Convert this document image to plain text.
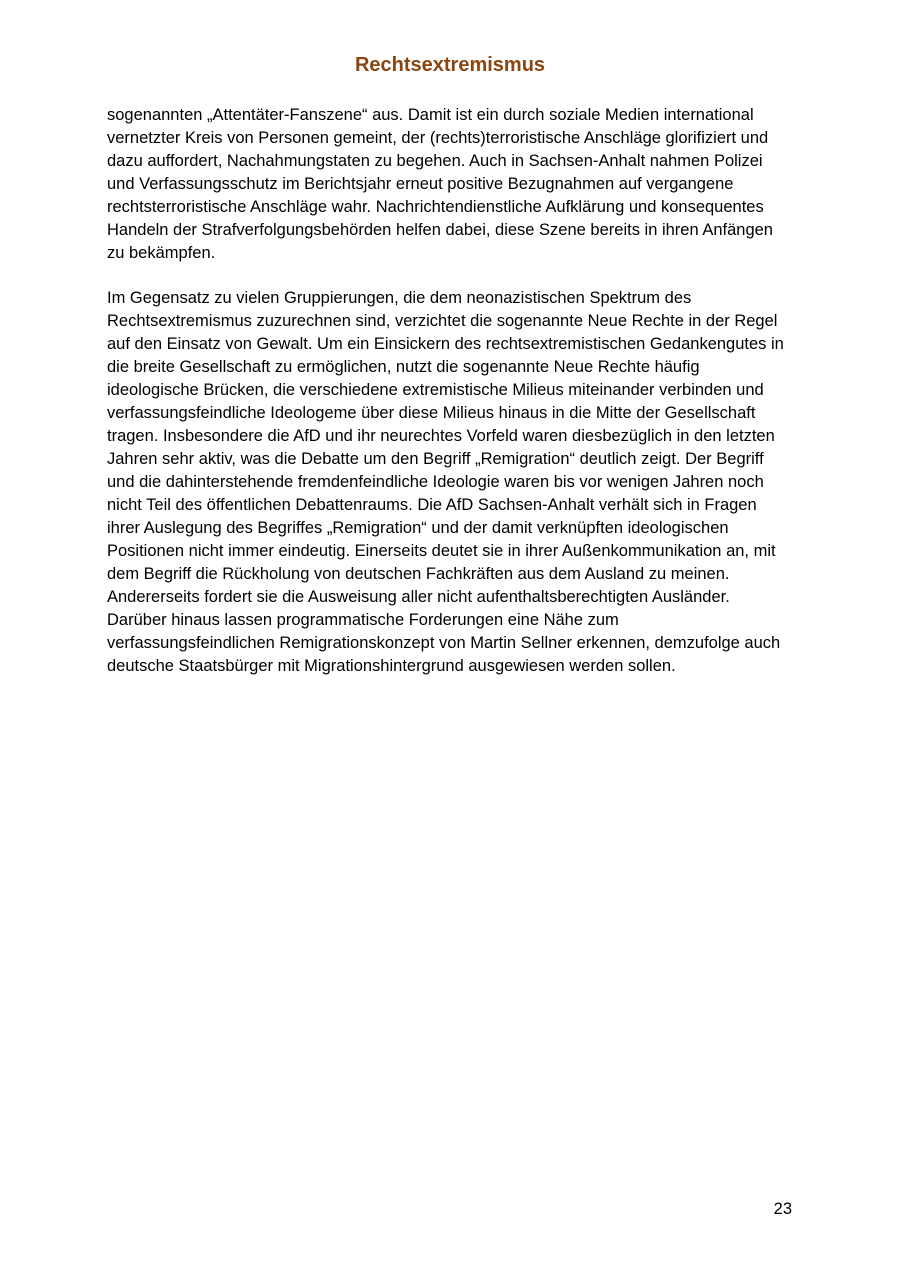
Rechtsextremismus

sogenannten „Attentäter-Fanszene“ aus. Damit ist ein durch soziale Medien international
vernetzter Kreis von Personen gemeint, der (rechts)terroristische Anschläge glorifiziert und
dazu auffordert, Nachahmungstaten zu begehen. Auch in Sachsen-Anhalt nahmen Polizei
und Verfassungsschutz im Berichtsjahr erneut positive Bezugnahmen auf vergangene
rechtsterroristische Anschläge wahr. Nachrichtendienstliche Aufklärung und konsequentes
Handeln der Strafverfolgungsbehörden helfen dabei, diese Szene bereits in ihren Anfängen
zu bekämpfen.

Im Gegensatz zu vielen Gruppierungen, die dem neonazistischen Spektrum des
Rechtsextremismus zuzurechnen sind, verzichtet die sogenannte Neue Rechte in der Regel
auf den Einsatz von Gewalt. Um ein Einsickern des rechtsextremistischen Gedankengutes in
die breite Gesellschaft zu ermöglichen, nutzt die sogenannte Neue Rechte häufig
ideologische Brücken, die verschiedene extremistische Milieus miteinander verbinden und
verfassungsfeindliche Ideologeme über diese Milieus hinaus in die Mitte der Gesellschaft
tragen. Insbesondere die AfD und ihr neurechtes Vorfeld waren diesbezüglich in den letzten
Jahren sehr aktiv, was die Debatte um den Begriff „Remigration“ deutlich zeigt. Der Begriff
und die dahinterstehende fremdenfeindliche Ideologie waren bis vor wenigen Jahren noch
nicht Teil des öffentlichen Debattenraums. Die AfD Sachsen-Anhalt verhält sich in Fragen
ihrer Auslegung des Begriffes „Remigration“ und der damit verknüpften ideologischen
Positionen nicht immer eindeutig. Einerseits deutet sie in ihrer Außenkommunikation an, mit
dem Begriff die Rückholung von deutschen Fachkräften aus dem Ausland zu meinen.
Andererseits fordert sie die Ausweisung aller nicht aufenthaltsberechtigten Ausländer.
Darüber hinaus lassen programmatische Forderungen eine Nähe zum
verfassungsfeindlichen Remigrationskonzept von Martin Sellner erkennen, demzufolge auch
deutsche Staatsbürger mit Migrationshintergrund ausgewiesen werden sollen.

23
